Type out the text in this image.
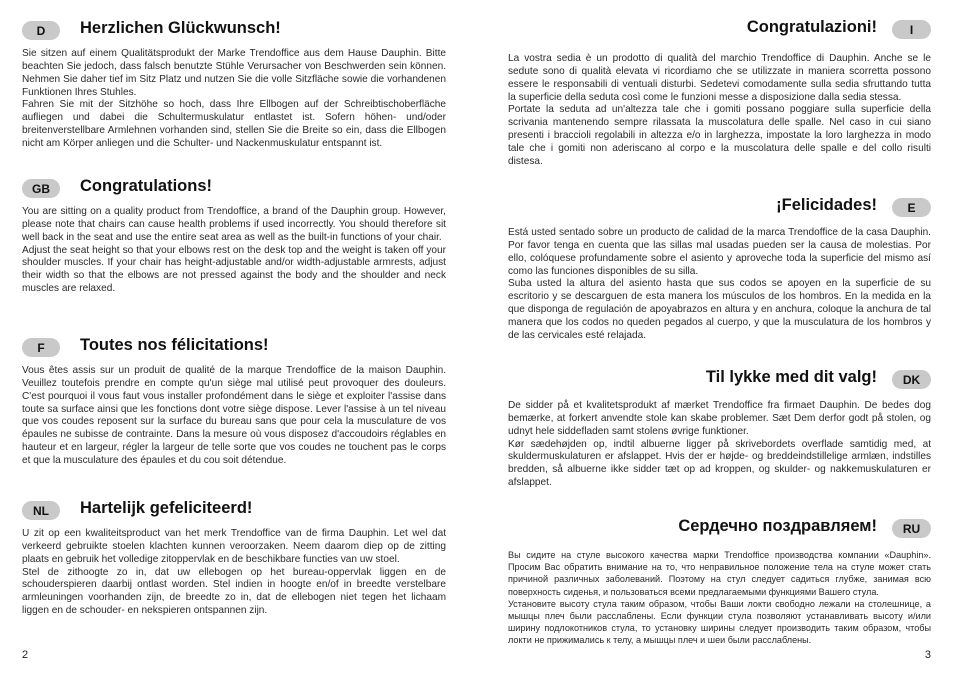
D	Herzlichen Glückwunsch!

Sie sitzen auf einem Qualitätsprodukt der Marke Trendoffice aus dem Hause Dauphin. Bitte beachten Sie jedoch, dass falsch benutzte Stühle Verursacher von Beschwerden sein können. Nehmen Sie daher tief im Sitz Platz und nutzen Sie die volle Sitzfläche sowie die vorhandenen Funktionen Ihres Stuhles.

Fahren Sie mit der Sitzhöhe so hoch, dass Ihre Ellbogen auf der Schreibtischoberfläche aufliegen und dabei die Schultermuskulatur entlastet ist. Sofern höhen- und/oder breitenverstellbare Armlehnen vorhanden sind, stellen Sie die Breite so ein, dass die Ellbogen nicht am Körper anliegen und die Schulter- und Nackenmuskulatur entspannt ist.

GB	Congratulations!

You are sitting on a quality product from Trendoffice, a brand of the Dauphin group. However, please note that chairs can cause health problems if used incorrectly. You should therefore sit well back in the seat and use the entire seat area as well as the built-in functions of your chair.

Adjust the seat height so that your elbows rest on the desk top and the weight is taken off your shoulder muscles. If your chair has height-adjustable and/or width-adjustable armrests, adjust their width so that the elbows are not pressed against the body and the shoulder and neck muscles are relaxed.

F	Toutes nos félicitations!

Vous êtes assis sur un produit de qualité de la marque Trendoffice de la maison Dauphin. Veuillez toutefois prendre en compte qu'un siège mal utilisé peut provoquer des douleurs. C'est pourquoi il vous faut vous installer profondément dans le siège et exploiter l'assise dans toute sa surface ainsi que les fonctions dont votre siège dispose. Lever l'assise à un tel niveau que vos coudes reposent sur la surface du bureau sans que pour cela la musculature de vos épaules ne subisse de contrainte. Dans la mesure où vous disposez d'accoudoirs réglables en hauteur et en largeur, régler la largeur de telle sorte que vos coudes ne touchent pas le corps et que la musculature des épaules et du cou soit détendue.

NL	Hartelijk gefeliciteerd!

U zit op een kwaliteitsproduct van het merk Trendoffice van de firma Dauphin. Let wel dat verkeerd gebruikte stoelen klachten kunnen veroorzaken. Neem daarom diep op de zitting plaats en gebruik het volledige zitoppervlak en de beschikbare functies van uw stoel.

Stel de zithoogte zo in, dat uw ellebogen op het bureau-oppervlak liggen en de schouderspieren daarbij ontlast worden. Stel indien in hoogte en/of in breedte verstelbare armleuningen voorhanden zijn, de breedte zo in, dat de ellebogen niet tegen het lichaam liggen en de schouder- en nekspieren ontspannen zijn.

2
Congratulazioni!	I

La vostra sedia è un prodotto di qualità del marchio Trendoffice di Dauphin. Anche se le sedute sono di qualità elevata vi ricordiamo che se utilizzate in maniera scorretta possono essere le responsabili di ventuali disturbi. Sedetevi comodamente sulla sedia sfruttando tutta la superficie della seduta così come le funzioni messe a disposizione dalla sedia stessa.

Portate la seduta ad un'altezza tale che i gomiti possano poggiare sulla superficie della scrivania mantenendo sempre rilassata la muscolatura delle spalle. Nel caso in cui siano presenti i braccioli regolabili in altezza e/o in larghezza, impostate la loro larghezza in modo tale che i gomiti non aderiscano al corpo e la muscolatura delle spalle e del collo risulti distesa.

¡Felicidades!	E

Está usted sentado sobre un producto de calidad de la marca Trendoffice de la casa Dauphin. Por favor tenga en cuenta que las sillas mal usadas pueden ser la causa de molestias. Por ello, colóquese profundamente sobre el asiento y aproveche toda la superficie del mismo así como las funciones disponibles de su silla.

Suba usted la altura del asiento hasta que sus codos se apoyen en la superficie de su escritorio y se descarguen de esta manera los músculos de los hombros. En la medida en la que disponga de regulación de apoyabrazos en altura y en anchura, coloque la anchura de tal manera que los codos no queden pegados al cuerpo, y que la musculatura de los hombros y de las cervicales esté relajada.

Til lykke med dit valg!	DK

De sidder på et kvalitetsprodukt af mærket Trendoffice fra firmaet Dauphin. De bedes dog bemærke, at forkert anvendte stole kan skabe problemer. Sæt Dem derfor godt på stolen, og udnyt hele siddefladen samt stolens øvrige funktioner.

Kør sædehøjden op, indtil albuerne ligger på skrivebordets overflade samtidig med, at skuldermuskulaturen er afslappet. Hvis der er højde- og breddeindstillelige armlæn, indstilles bredden, så albuerne ikke sidder tæt op ad kroppen, og skulder- og nakkemuskulaturen er afslappet.

Сердечно поздравляем!	RU

Вы сидите на стуле высокого качества марки Trendoffice производства компании «Dauphin». Просим Вас обратить внимание на то, что неправильное положение тела на стуле может стать причиной различных заболеваний. Поэтому на стул следует садиться глубже, занимая всю поверхность сиденья, и пользоваться всеми предлагаемыми функциями Вашего стула.

Установите высоту стула таким образом, чтобы Ваши локти свободно лежали на столешнице, а мышцы плеч были расслаблены. Если функции стула позволяют устанавливать высоту и/или ширину подлокотников стула, то установку ширины следует производить таким образом, чтобы локти не прижимались к телу, а мышцы плеч и шеи были расслаблены.

3
